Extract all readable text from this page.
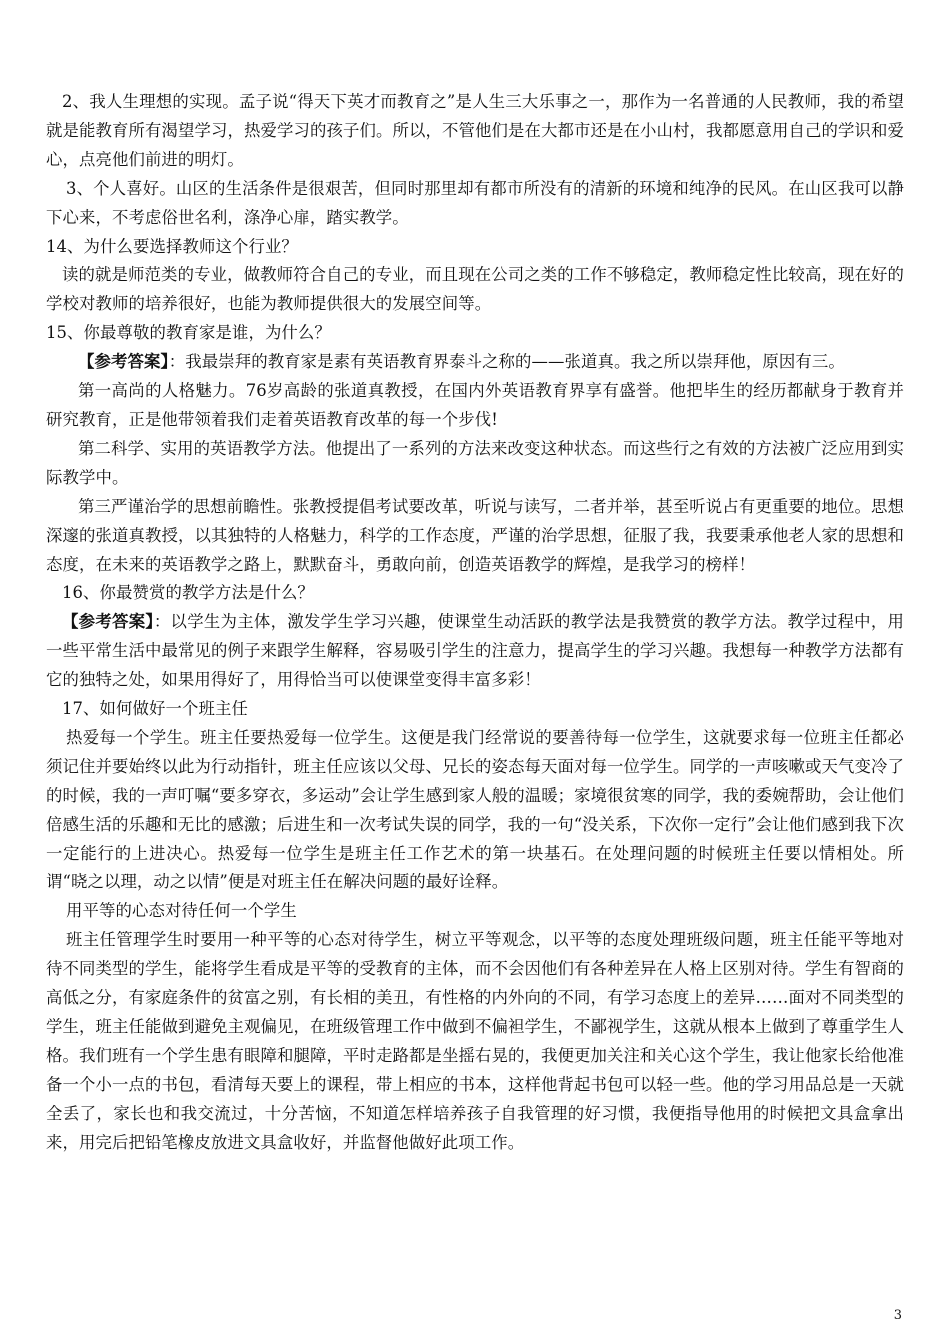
2、我人生理想的实现。孟子说“得天下英才而教育之”是人生三大乐事之一，那作为一名普通的人民教师，我的希望就是能教育所有渴望学习，热爱学习的孩子们。所以，不管他们是在大都市还是在小山村，我都愿意用自己的学识和爱心，点亮他们前进的明灯。

3、个人喜好。山区的生活条件是很艰苦，但同时那里却有都市所没有的清新的环境和纯净的民风。在山区我可以静下心来，不考虑俗世名利，涤净心扉，踏实教学。

14、为什么要选择教师这个行业？

读的就是师范类的专业，做教师符合自己的专业，而且现在公司之类的工作不够稳定，教师稳定性比较高，现在好的学校对教师的培养很好，也能为教师提供很大的发展空间等。

15、你最尊敬的教育家是谁，为什么？

【参考答案】：我最崇拜的教育家是素有英语教育界泰斗之称的——张道真。我之所以崇拜他，原因有三。

第一高尚的人格魅力。76岁高龄的张道真教授，在国内外英语教育界享有盛誉。他把毕生的经历都献身于教育并研究教育，正是他带领着我们走着英语教育改革的每一个步伐!

第二科学、实用的英语教学方法。他提出了一系列的方法来改变这种状态。而这些行之有效的方法被广泛应用到实际教学中。

第三严谨治学的思想前瞻性。张教授提倡考试要改革，听说与读写，二者并举，甚至听说占有更重要的地位。思想深邃的张道真教授，以其独特的人格魅力，科学的工作态度，严谨的治学思想，征服了我，我要秉承他老人家的思想和态度，在未来的英语教学之路上，默默奋斗，勇敢向前，创造英语教学的辉煌，是我学习的榜样！

16、你最赞赏的教学方法是什么？

【参考答案】：以学生为主体，激发学生学习兴趣，使课堂生动活跃的教学法是我赞赏的教学方法。教学过程中，用一些平常生活中最常见的例子来跟学生解释，容易吸引学生的注意力，提高学生的学习兴趣。我想每一种教学方法都有它的独特之处，如果用得好了，用得恰当可以使课堂变得丰富多彩！

17、如何做好一个班主任

热爱每一个学生。班主任要热爱每一位学生。这便是我门经常说的要善待每一位学生，这就要求每一位班主任都必须记住并要始终以此为行动指针，班主任应该以父母、兄长的姿态每天面对每一位学生。同学的一声咳嗽或天气变冷了的时候，我的一声叮嘱“要多穿衣，多运动”会让学生感到家人般的温暖；家境很贫寒的同学，我的委婉帮助，会让他们倍感生活的乐趣和无比的感激；后进生和一次考试失误的同学，我的一句“没关系，下次你一定行”会让他们感到我下次一定能行的上进决心。热爱每一位学生是班主任工作艺术的第一块基石。在处理问题的时候班主任要以情相处。所谓“晓之以理，动之以情”便是对班主任在解决问题的最好诠释。

用平等的心态对待任何一个学生

班主任管理学生时要用一种平等的心态对待学生，树立平等观念，以平等的态度处理班级问题，班主任能平等地对待不同类型的学生，能将学生看成是平等的受教育的主体，而不会因他们有各种差异在人格上区别对待。学生有智商的高低之分，有家庭条件的贫富之别，有长相的美丑，有性格的内外向的不同，有学习态度上的差异……面对不同类型的学生，班主任能做到避免主观偏见，在班级管理工作中做到不偏袒学生，不鄙视学生，这就从根本上做到了尊重学生人格。我们班有一个学生患有眼障和腿障，平时走路都是坐摇右晃的，我便更加关注和关心这个学生，我让他家长给他准备一个小一点的书包，看清每天要上的课程，带上相应的书本，这样他背起书包可以轻一些。他的学习用品总是一天就全丢了，家长也和我交流过，十分苦恼，不知道怎样培养孩子自我管理的好习惯，我便指导他用的时候把文具盒拿出来，用完后把铅笔橡皮放进文具盒收好，并监督他做好此项工作。

3
